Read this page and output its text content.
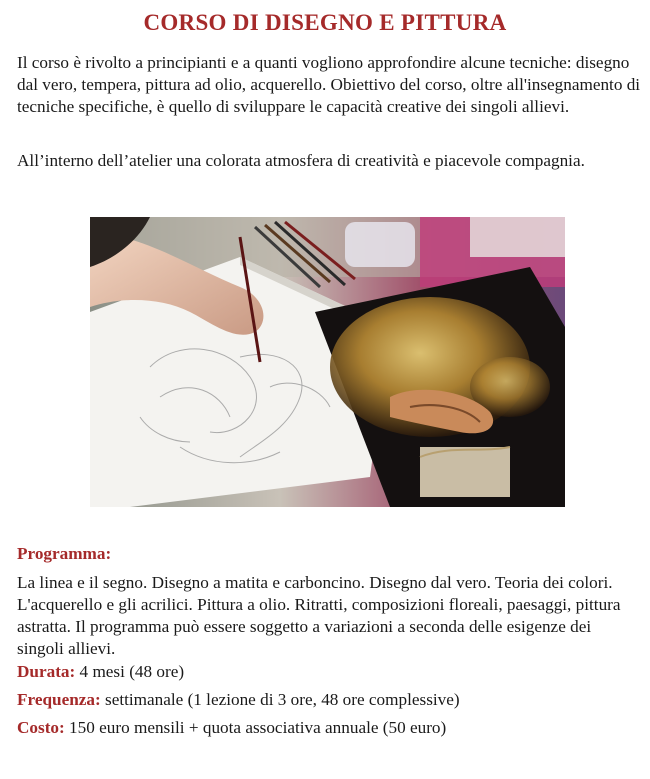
CORSO DI DISEGNO E PITTURA

Il corso è rivolto a principianti e a quanti vogliono approfondire alcune tecniche: disegno dal vero, tempera, pittura ad olio, acquerello. Obiettivo del corso, oltre all'insegnamento di tecniche specifiche, è quello di sviluppare le capacità creative dei singoli allievi.

All’interno dell’atelier una colorata atmosfera di creatività e piacevole compagnia.

Programma:

La linea e il segno. Disegno a matita e carboncino. Disegno dal vero. Teoria dei colori. L'acquerello e gli acrilici. Pittura a olio. Ritratti, composizioni floreali, paesaggi, pittura astratta. Il programma può essere soggetto a variazioni a seconda delle esigenze dei singoli allievi.

Durata: 4 mesi (48 ore)

Frequenza: settimanale (1 lezione di 3 ore, 48 ore complessive)

Costo: 150 euro mensili + quota associativa annuale (50 euro)
